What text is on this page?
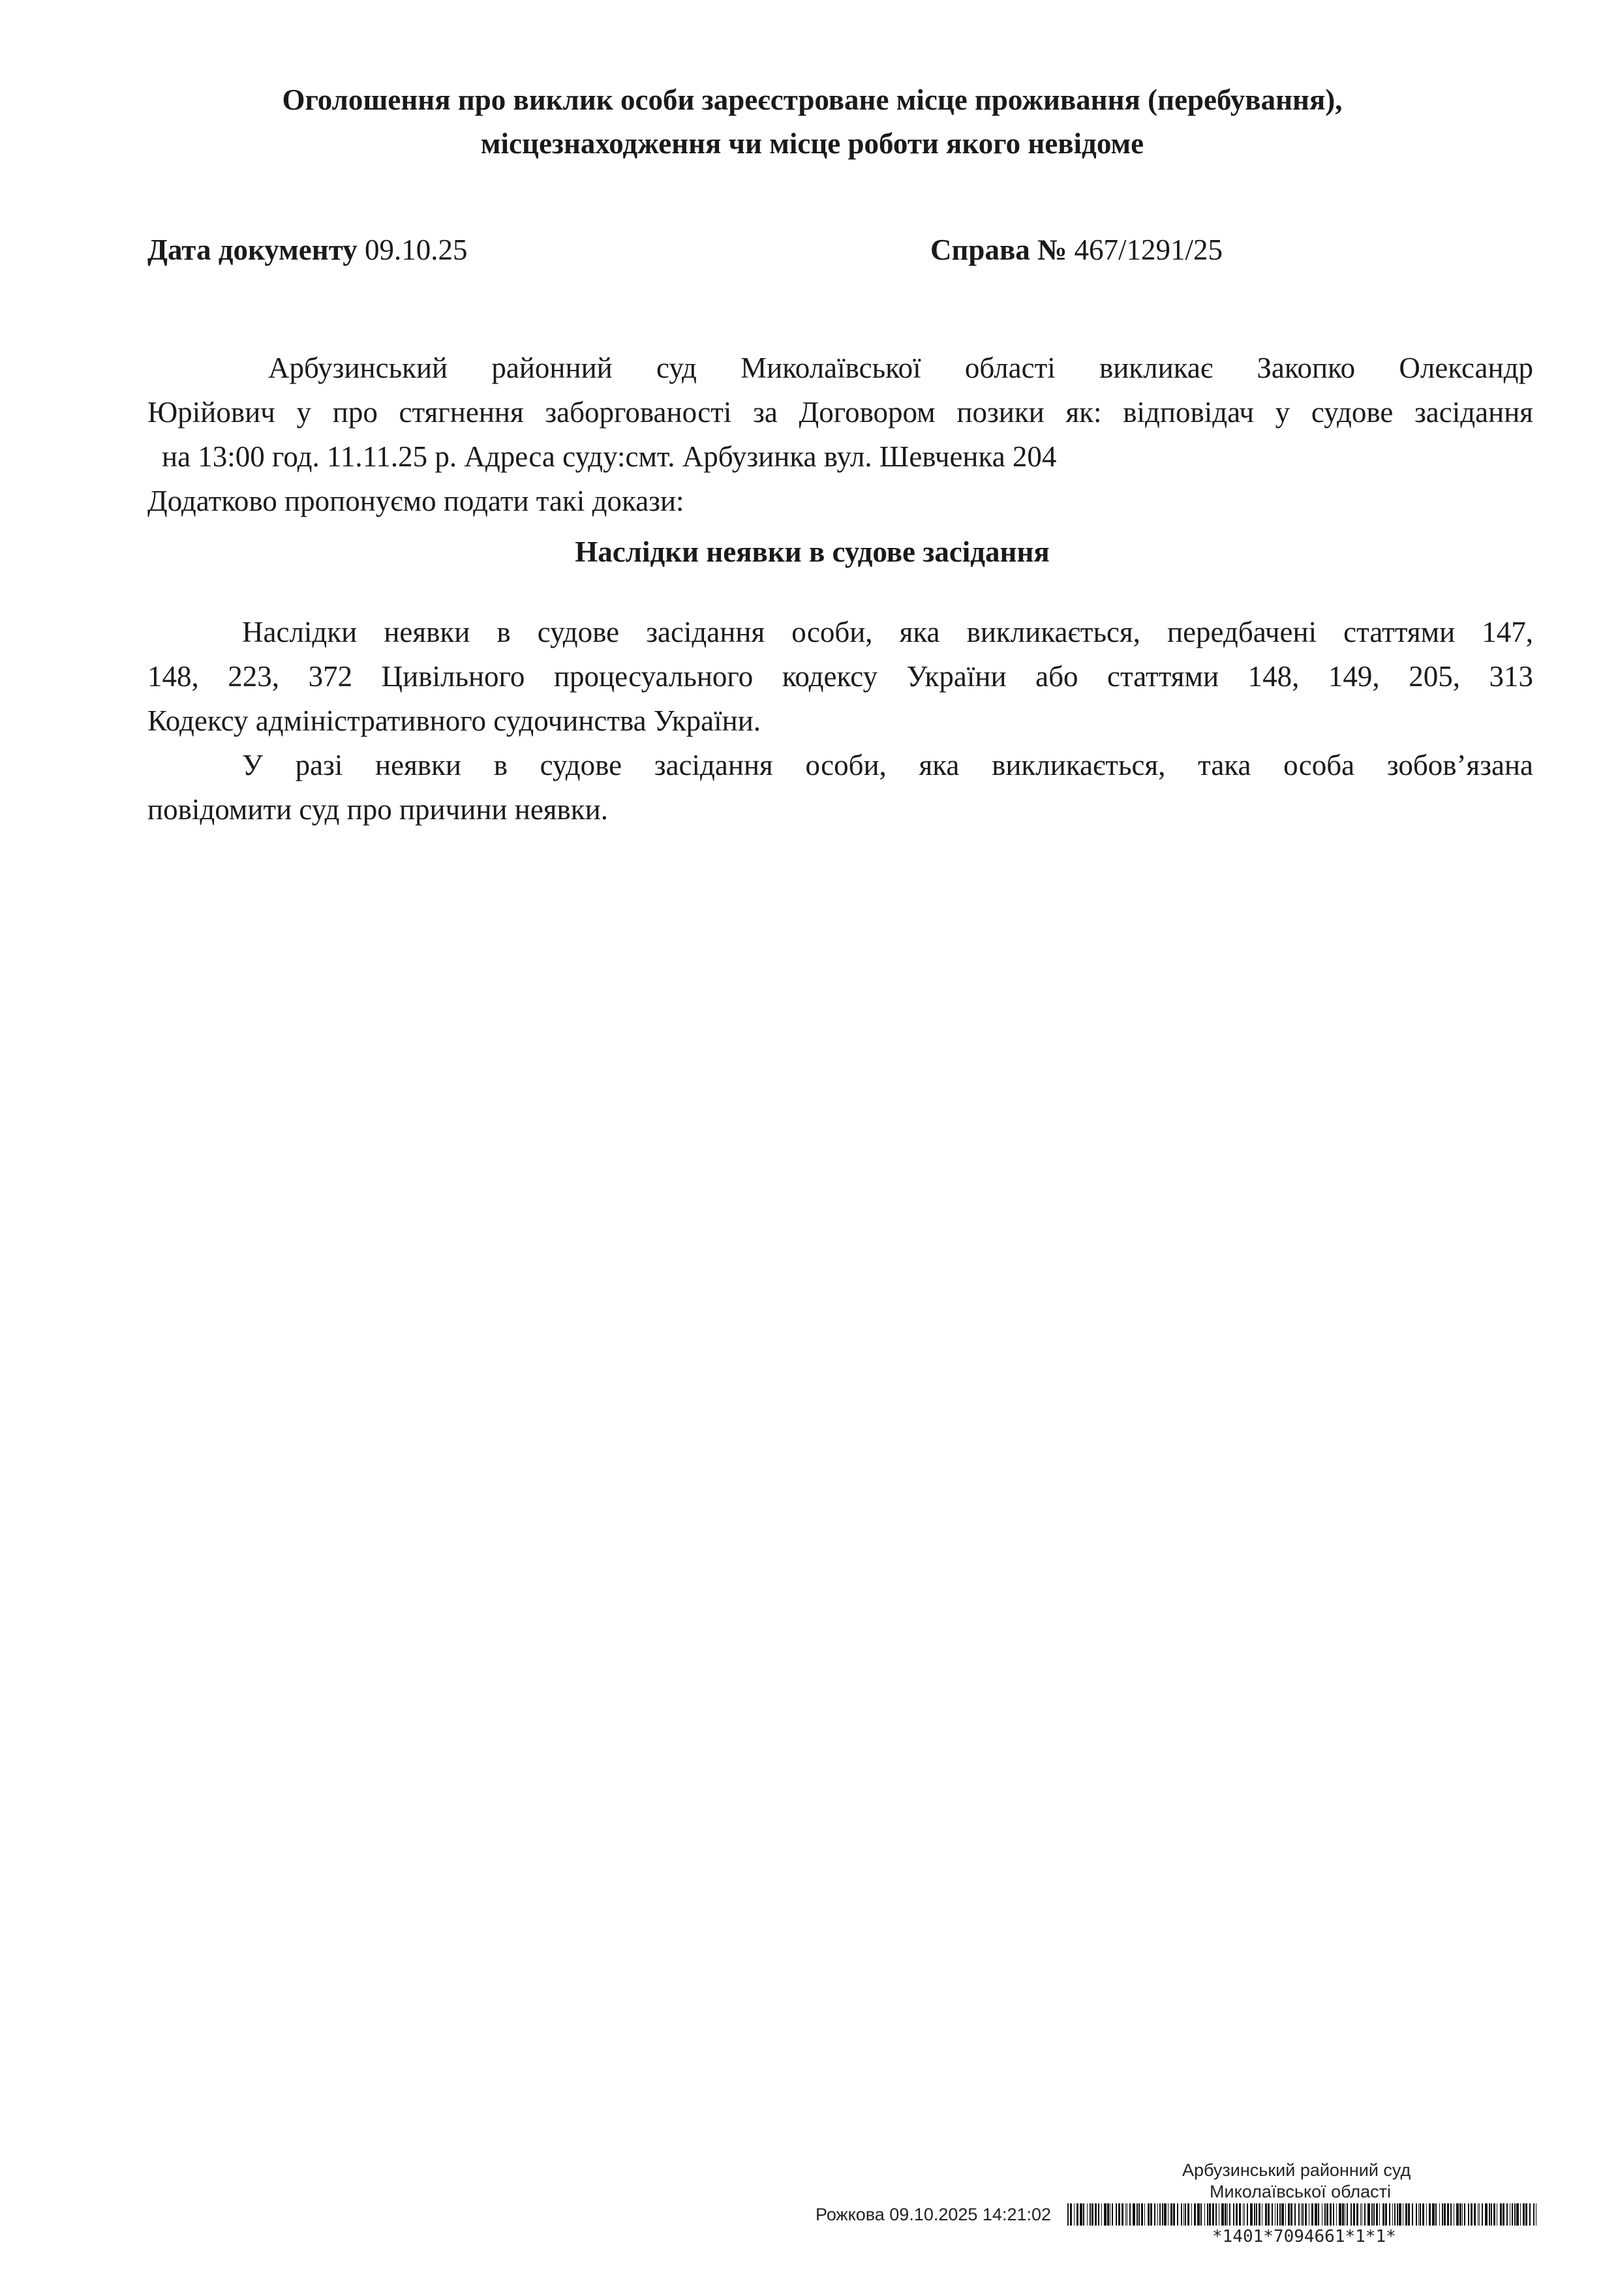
Оголошення про виклик особи зареєстроване місце проживання (перебування),
місцезнаходження чи місце роботи якого невідоме
Дата документу 09.10.25	Справа № 467/1291/25
Арбузинський районний суд Миколаївської області викликає Закопко Олександр
Юрійович у про стягнення заборгованості за Договором позики як: відповідач у судове засідання
на 13:00 год. 11.11.25 р. Адреса суду:смт. Арбузинка вул. Шевченка 204
Додатково пропонуємо подати такі докази:
Наслідки неявки в судове засідання
Наслідки неявки в судове засідання особи, яка викликається, передбачені статтями 147,
148, 223, 372 Цивільного процесуального кодексу України або статтями 148, 149, 205, 313
Кодексу адміністративного судочинства України.
У разі неявки в судове засідання особи, яка викликається, така особа зобов’язана
повідомити суд про причини неявки.
Арбузинський районний суд
Миколаївської області
Рожкова 09.10.2025 14:21:02
*1401*7094661*1*1*
